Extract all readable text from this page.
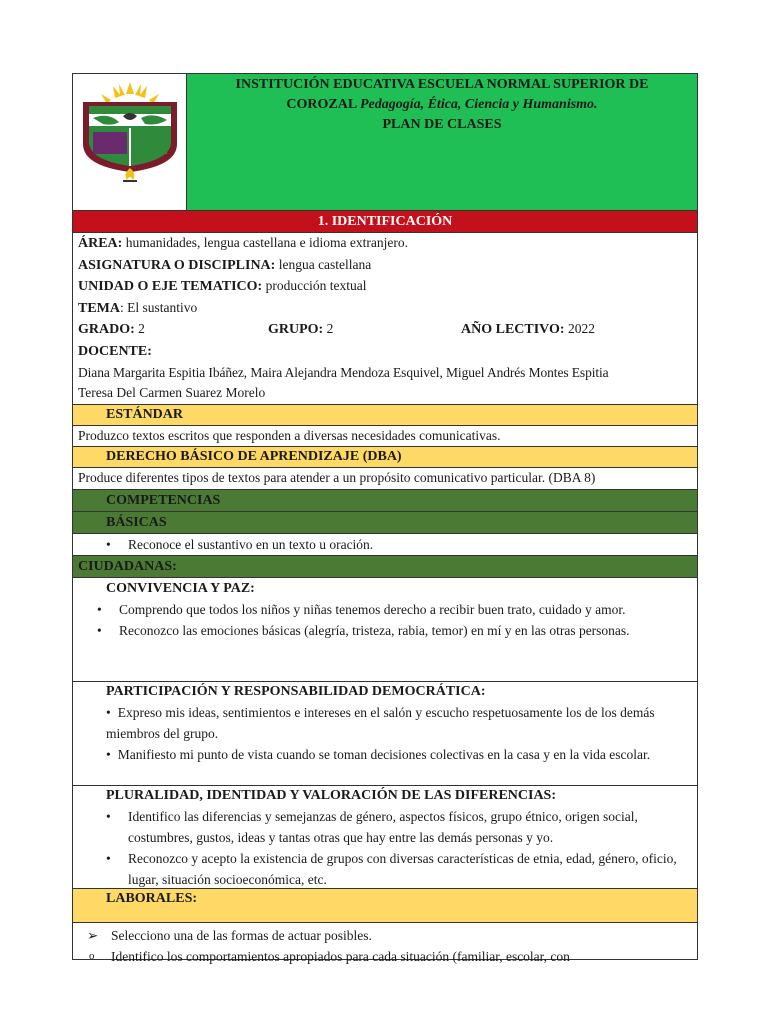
INSTITUCIÓN EDUCATIVA ESCUELA NORMAL SUPERIOR DE
COROZAL Pedagogía, Ética, Ciencia y Humanismo.
PLAN DE CLASES
1. IDENTIFICACIÓN
ÁREA: humanidades, lengua castellana e idioma extranjero.
ASIGNATURA O DISCIPLINA: lengua castellana
UNIDAD O EJE TEMATICO: producción textual
TEMA: El sustantivo
GRADO: 2	GRUPO: 2	AÑO LECTIVO: 2022
DOCENTE:
Diana Margarita Espitia Ibáñez, Maira Alejandra Mendoza Esquivel, Miguel Andrés Montes Espitia
Teresa Del Carmen Suarez Morelo
ESTÁNDAR
Produzco textos escritos que responden a diversas necesidades comunicativas.
DERECHO BÁSICO DE APRENDIZAJE (DBA)
Produce diferentes tipos de textos para atender a un propósito comunicativo particular. (DBA 8)
COMPETENCIAS
BÁSICAS
• Reconoce el sustantivo en un texto u oración.
CIUDADANAS:
CONVIVENCIA Y PAZ:
• Comprendo que todos los niños y niñas tenemos derecho a recibir buen trato, cuidado y amor.
• Reconozco las emociones básicas (alegría, tristeza, rabia, temor) en mí y en las otras personas.
PARTICIPACIÓN Y RESPONSABILIDAD DEMOCRÁTICA:
• Expreso mis ideas, sentimientos e intereses en el salón y escucho respetuosamente los de los demás miembros del grupo.
• Manifiesto mi punto de vista cuando se toman decisiones colectivas en la casa y en la vida escolar.
PLURALIDAD, IDENTIDAD Y VALORACIÓN DE LAS DIFERENCIAS:
• Identifico las diferencias y semejanzas de género, aspectos físicos, grupo étnico, origen social, costumbres, gustos, ideas y tantas otras que hay entre las demás personas y yo.
• Reconozco y acepto la existencia de grupos con diversas características de etnia, edad, género, oficio, lugar, situación socioeconómica, etc.
LABORALES:
➢ Selecciono una de las formas de actuar posibles.
o Identifico los comportamientos apropiados para cada situación (familiar, escolar, con
